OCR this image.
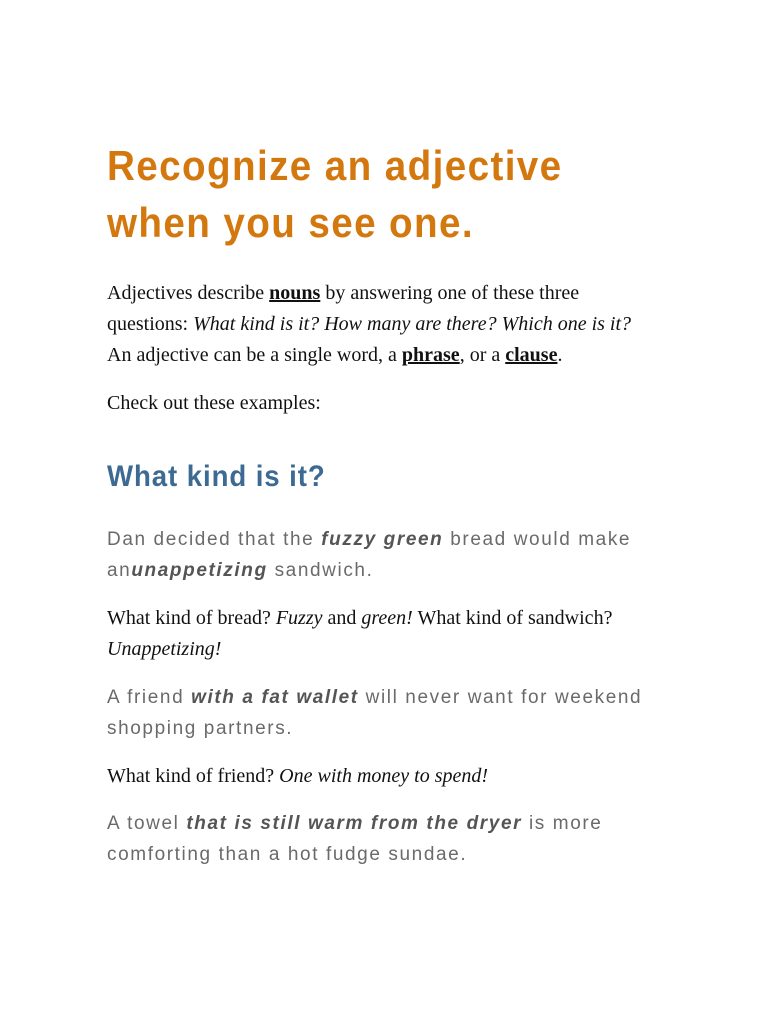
Recognize an adjective
when you see one.

Adjectives describe nouns by answering one of these three questions: What kind is it? How many are there? Which one is it? An adjective can be a single word, a phrase, or a clause.

Check out these examples:

What kind is it?

Dan decided that the fuzzy green bread would make anunappetizing sandwich.

What kind of bread? Fuzzy and green! What kind of sandwich?Unappetizing!

A friend with a fat wallet will never want for weekend shopping partners.

What kind of friend? One with money to spend!

A towel that is still warm from the dryer is more comforting than a hot fudge sundae.
